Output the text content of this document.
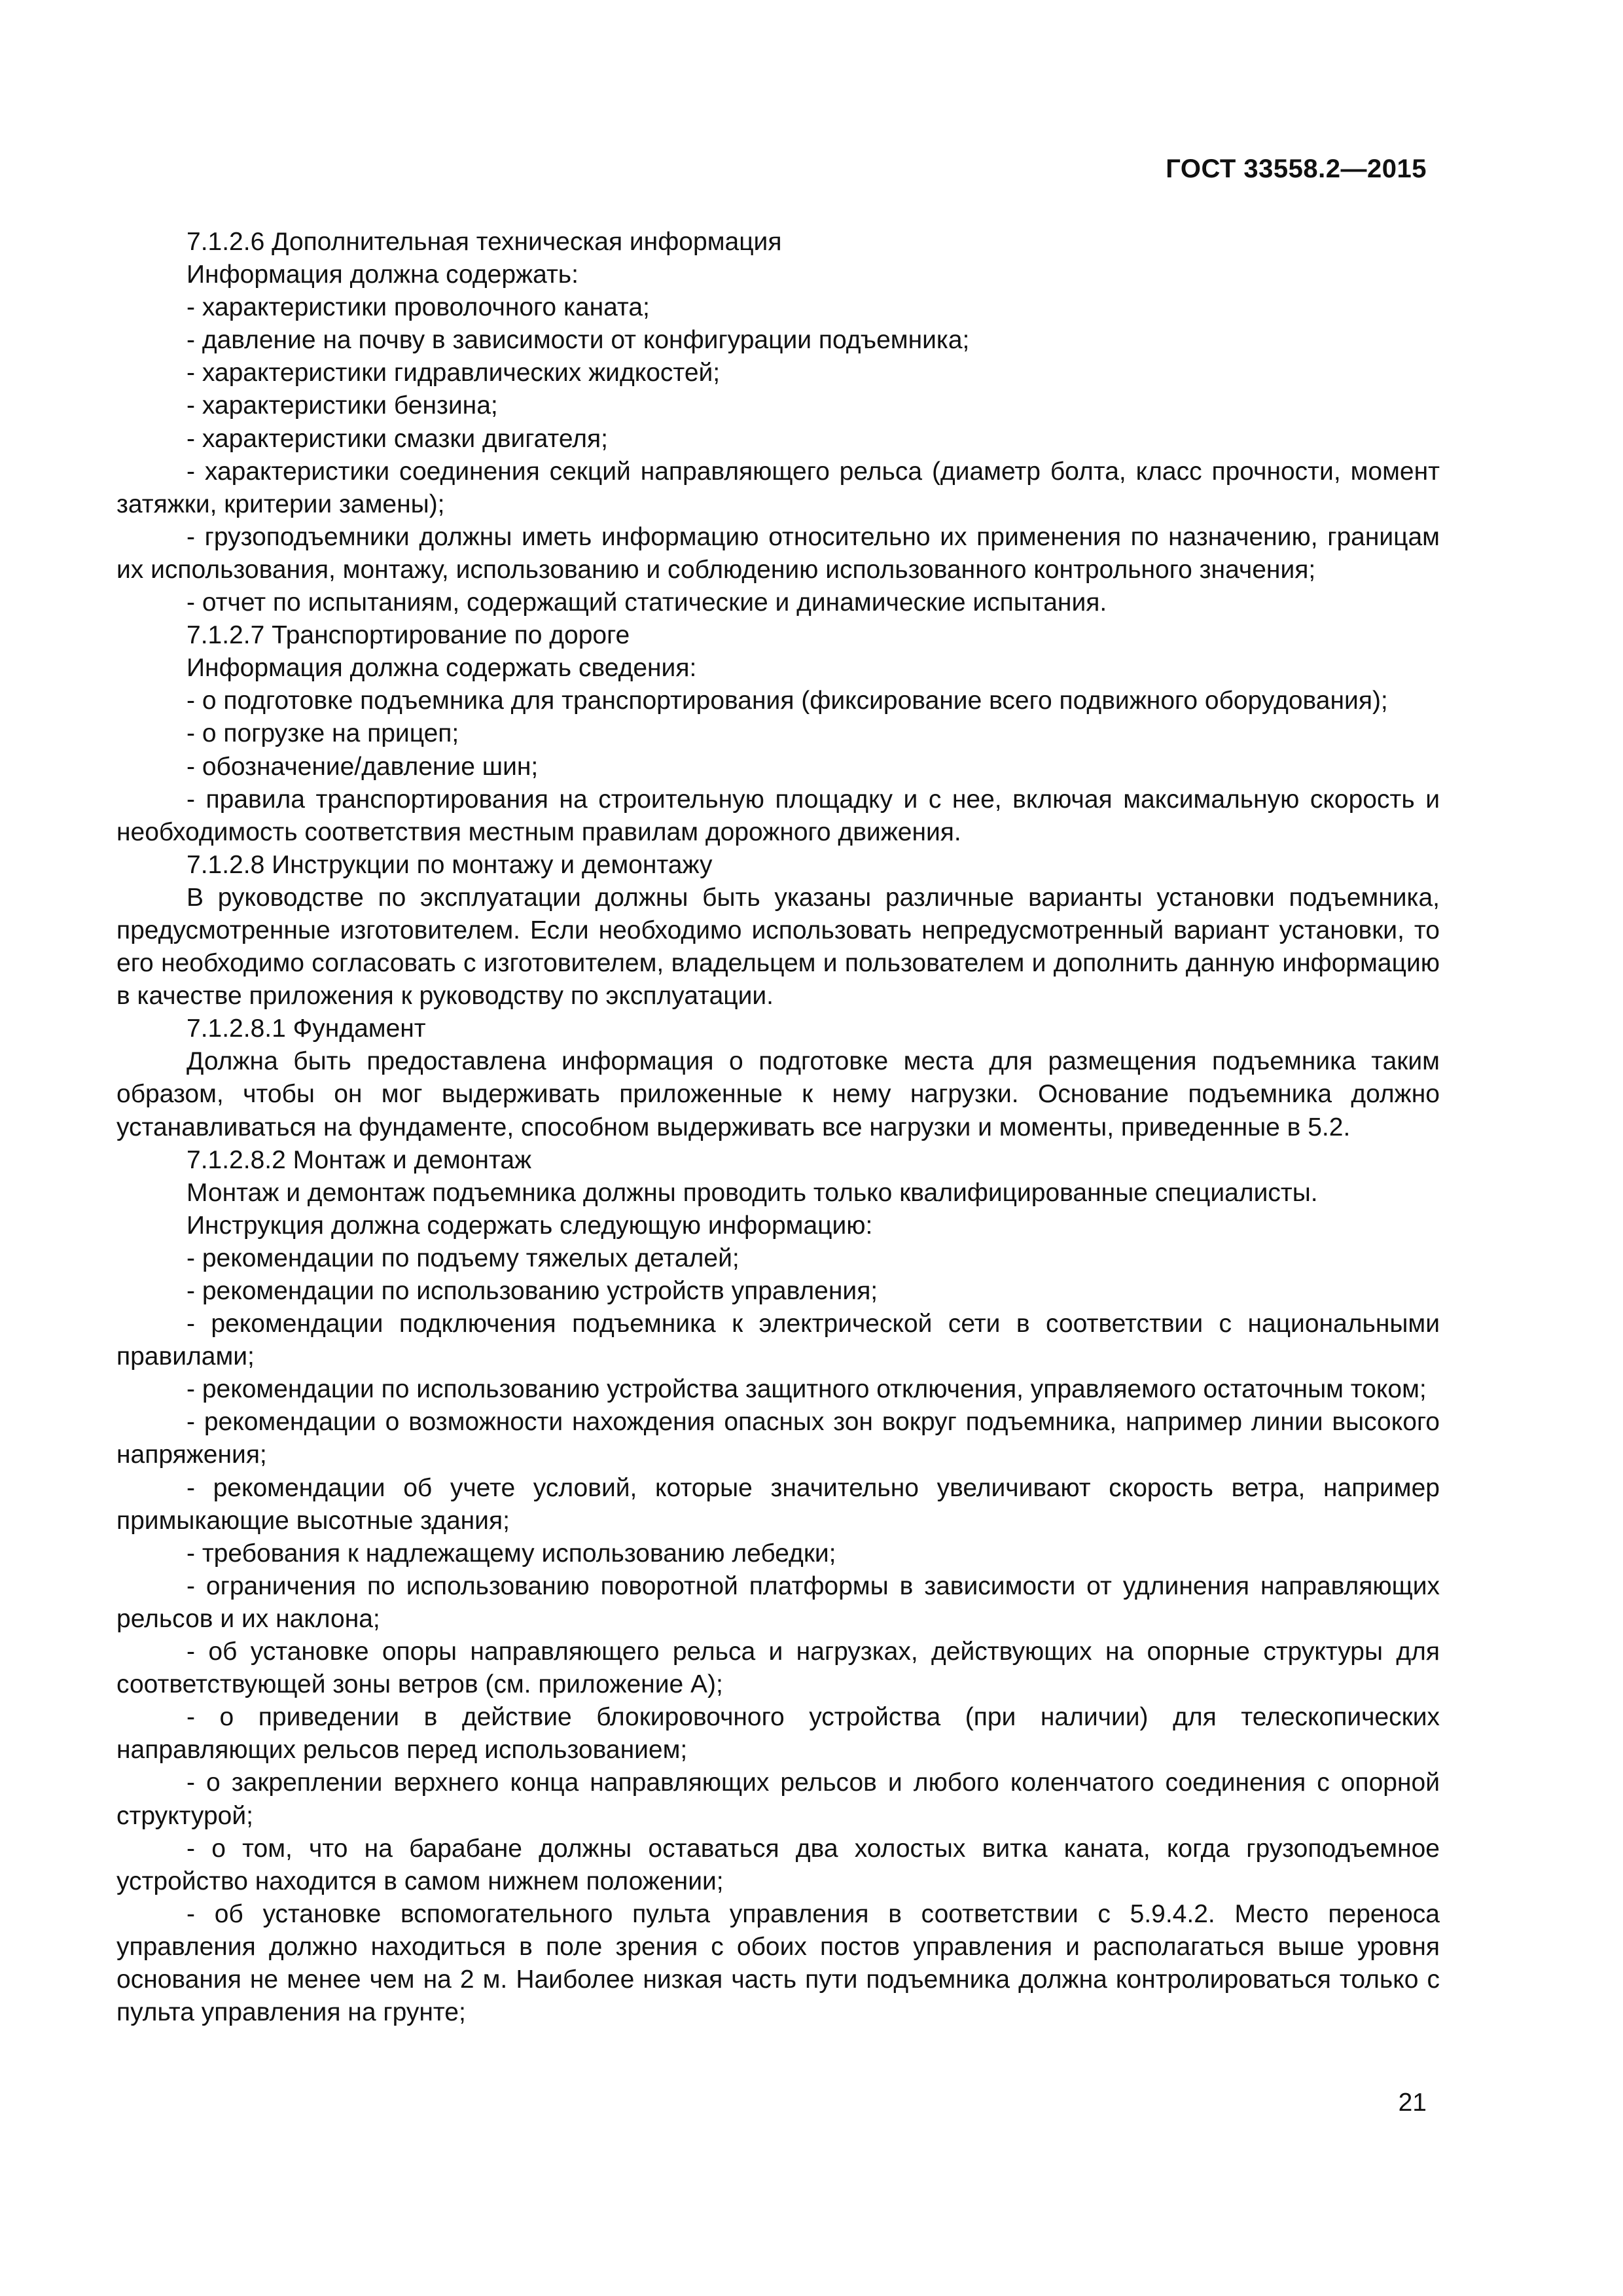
ГОСТ 33558.2—2015

7.1.2.6 Дополнительная техническая информация

Информация должна содержать:

- характеристики проволочного каната;

- давление на почву в зависимости от конфигурации подъемника;

- характеристики гидравлических жидкостей;

- характеристики бензина;

- характеристики смазки двигателя;

- характеристики соединения секций направляющего рельса (диаметр болта, класс прочности, момент затяжки, критерии замены);

- грузоподъемники должны иметь информацию относительно их применения по назначению, границам их использования, монтажу, использованию и соблюдению использованного контрольного значения;

- отчет по испытаниям, содержащий статические и динамические испытания.

7.1.2.7 Транспортирование по дороге

Информация должна содержать сведения:

- о подготовке подъемника для транспортирования (фиксирование всего подвижного оборудования);

- о погрузке на прицеп;

- обозначение/давление шин;

- правила транспортирования на строительную площадку и с нее, включая максимальную скорость и необходимость соответствия местным правилам дорожного движения.

7.1.2.8 Инструкции по монтажу и демонтажу

В руководстве по эксплуатации должны быть указаны различные варианты установки подъемника, предусмотренные изготовителем. Если необходимо использовать непредусмотренный вариант установки, то его необходимо согласовать с изготовителем, владельцем и пользователем и дополнить данную информацию в качестве приложения к руководству по эксплуатации.

7.1.2.8.1 Фундамент

Должна быть предоставлена информация о подготовке места для размещения подъемника таким образом, чтобы он мог выдерживать приложенные к нему нагрузки. Основание подъемника должно устанавливаться на фундаменте, способном выдерживать все нагрузки и моменты, приведенные в 5.2.

7.1.2.8.2 Монтаж и демонтаж

Монтаж и демонтаж подъемника должны проводить только квалифицированные специалисты.

Инструкция должна содержать следующую информацию:

- рекомендации по подъему тяжелых деталей;

- рекомендации по использованию устройств управления;

- рекомендации подключения подъемника к электрической сети в соответствии с национальными правилами;

- рекомендации по использованию устройства защитного отключения, управляемого остаточным током;

- рекомендации о возможности нахождения опасных зон вокруг подъемника, например линии высокого напряжения;

- рекомендации об учете условий, которые значительно увеличивают скорость ветра, например примыкающие высотные здания;

- требования к надлежащему использованию лебедки;

- ограничения по использованию поворотной платформы в зависимости от удлинения направляющих рельсов и их наклона;

- об установке опоры направляющего рельса и нагрузках, действующих на опорные структуры для соответствующей зоны ветров (см. приложение А);

- о приведении в действие блокировочного устройства (при наличии) для телескопических направляющих рельсов перед использованием;

- о закреплении верхнего конца направляющих рельсов и любого коленчатого соединения с опорной структурой;

- о том, что на барабане должны оставаться два холостых витка каната, когда грузоподъемное устройство находится в самом нижнем положении;

- об установке вспомогательного пульта управления в соответствии с 5.9.4.2. Место переноса управления должно находиться в поле зрения с обоих постов управления и располагаться выше уровня основания не менее чем на 2 м. Наиболее низкая часть пути подъемника должна контролироваться только с пульта управления на грунте;

21
